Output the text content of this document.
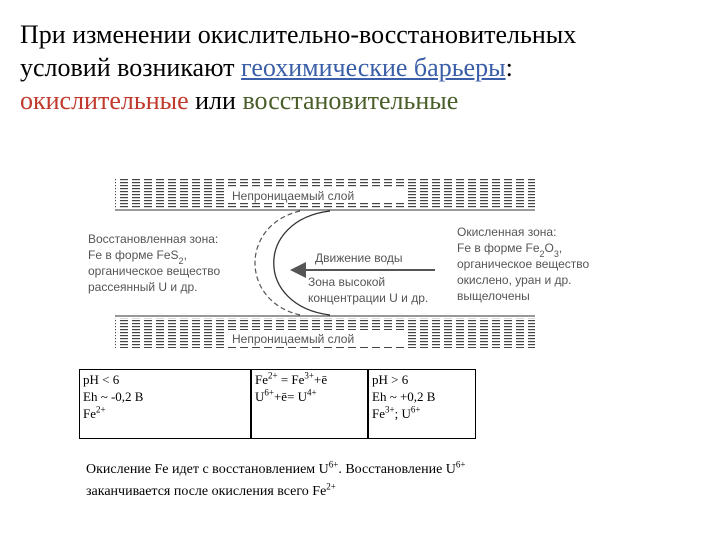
При изменении окислительно-восстановительных
условий возникают геохимические барьеры:
окислительные или восстановительные
Непроницаемый слой
Непроницаемый слой
Восстановленная зона:
Fe в форме FeS$_2$,
органическое вещество
рассеянный U и др.
Окисленная зона:
Fe в форме $Fe_2O_3$,
органическое вещество
окислено, уран и др.
выщелочены
Движение воды
Зона высокой
концентрации U и др.
pH < 6
Eh ~ -0,2 В
$Fe^{2+}$
$Fe^{2+}$ = $Fe^{3+}+ē$
$U^{6+}+ē= U^{4+}$
pH > 6
Eh ~ +0,2 В
$Fe^{3+}$; $U^{6+}$
Окисление Fe идет с восстановлением $U^{6+}$. Восстановление $U^{6+}$
заканчивается после окисления всего $Fe^{2+}$
